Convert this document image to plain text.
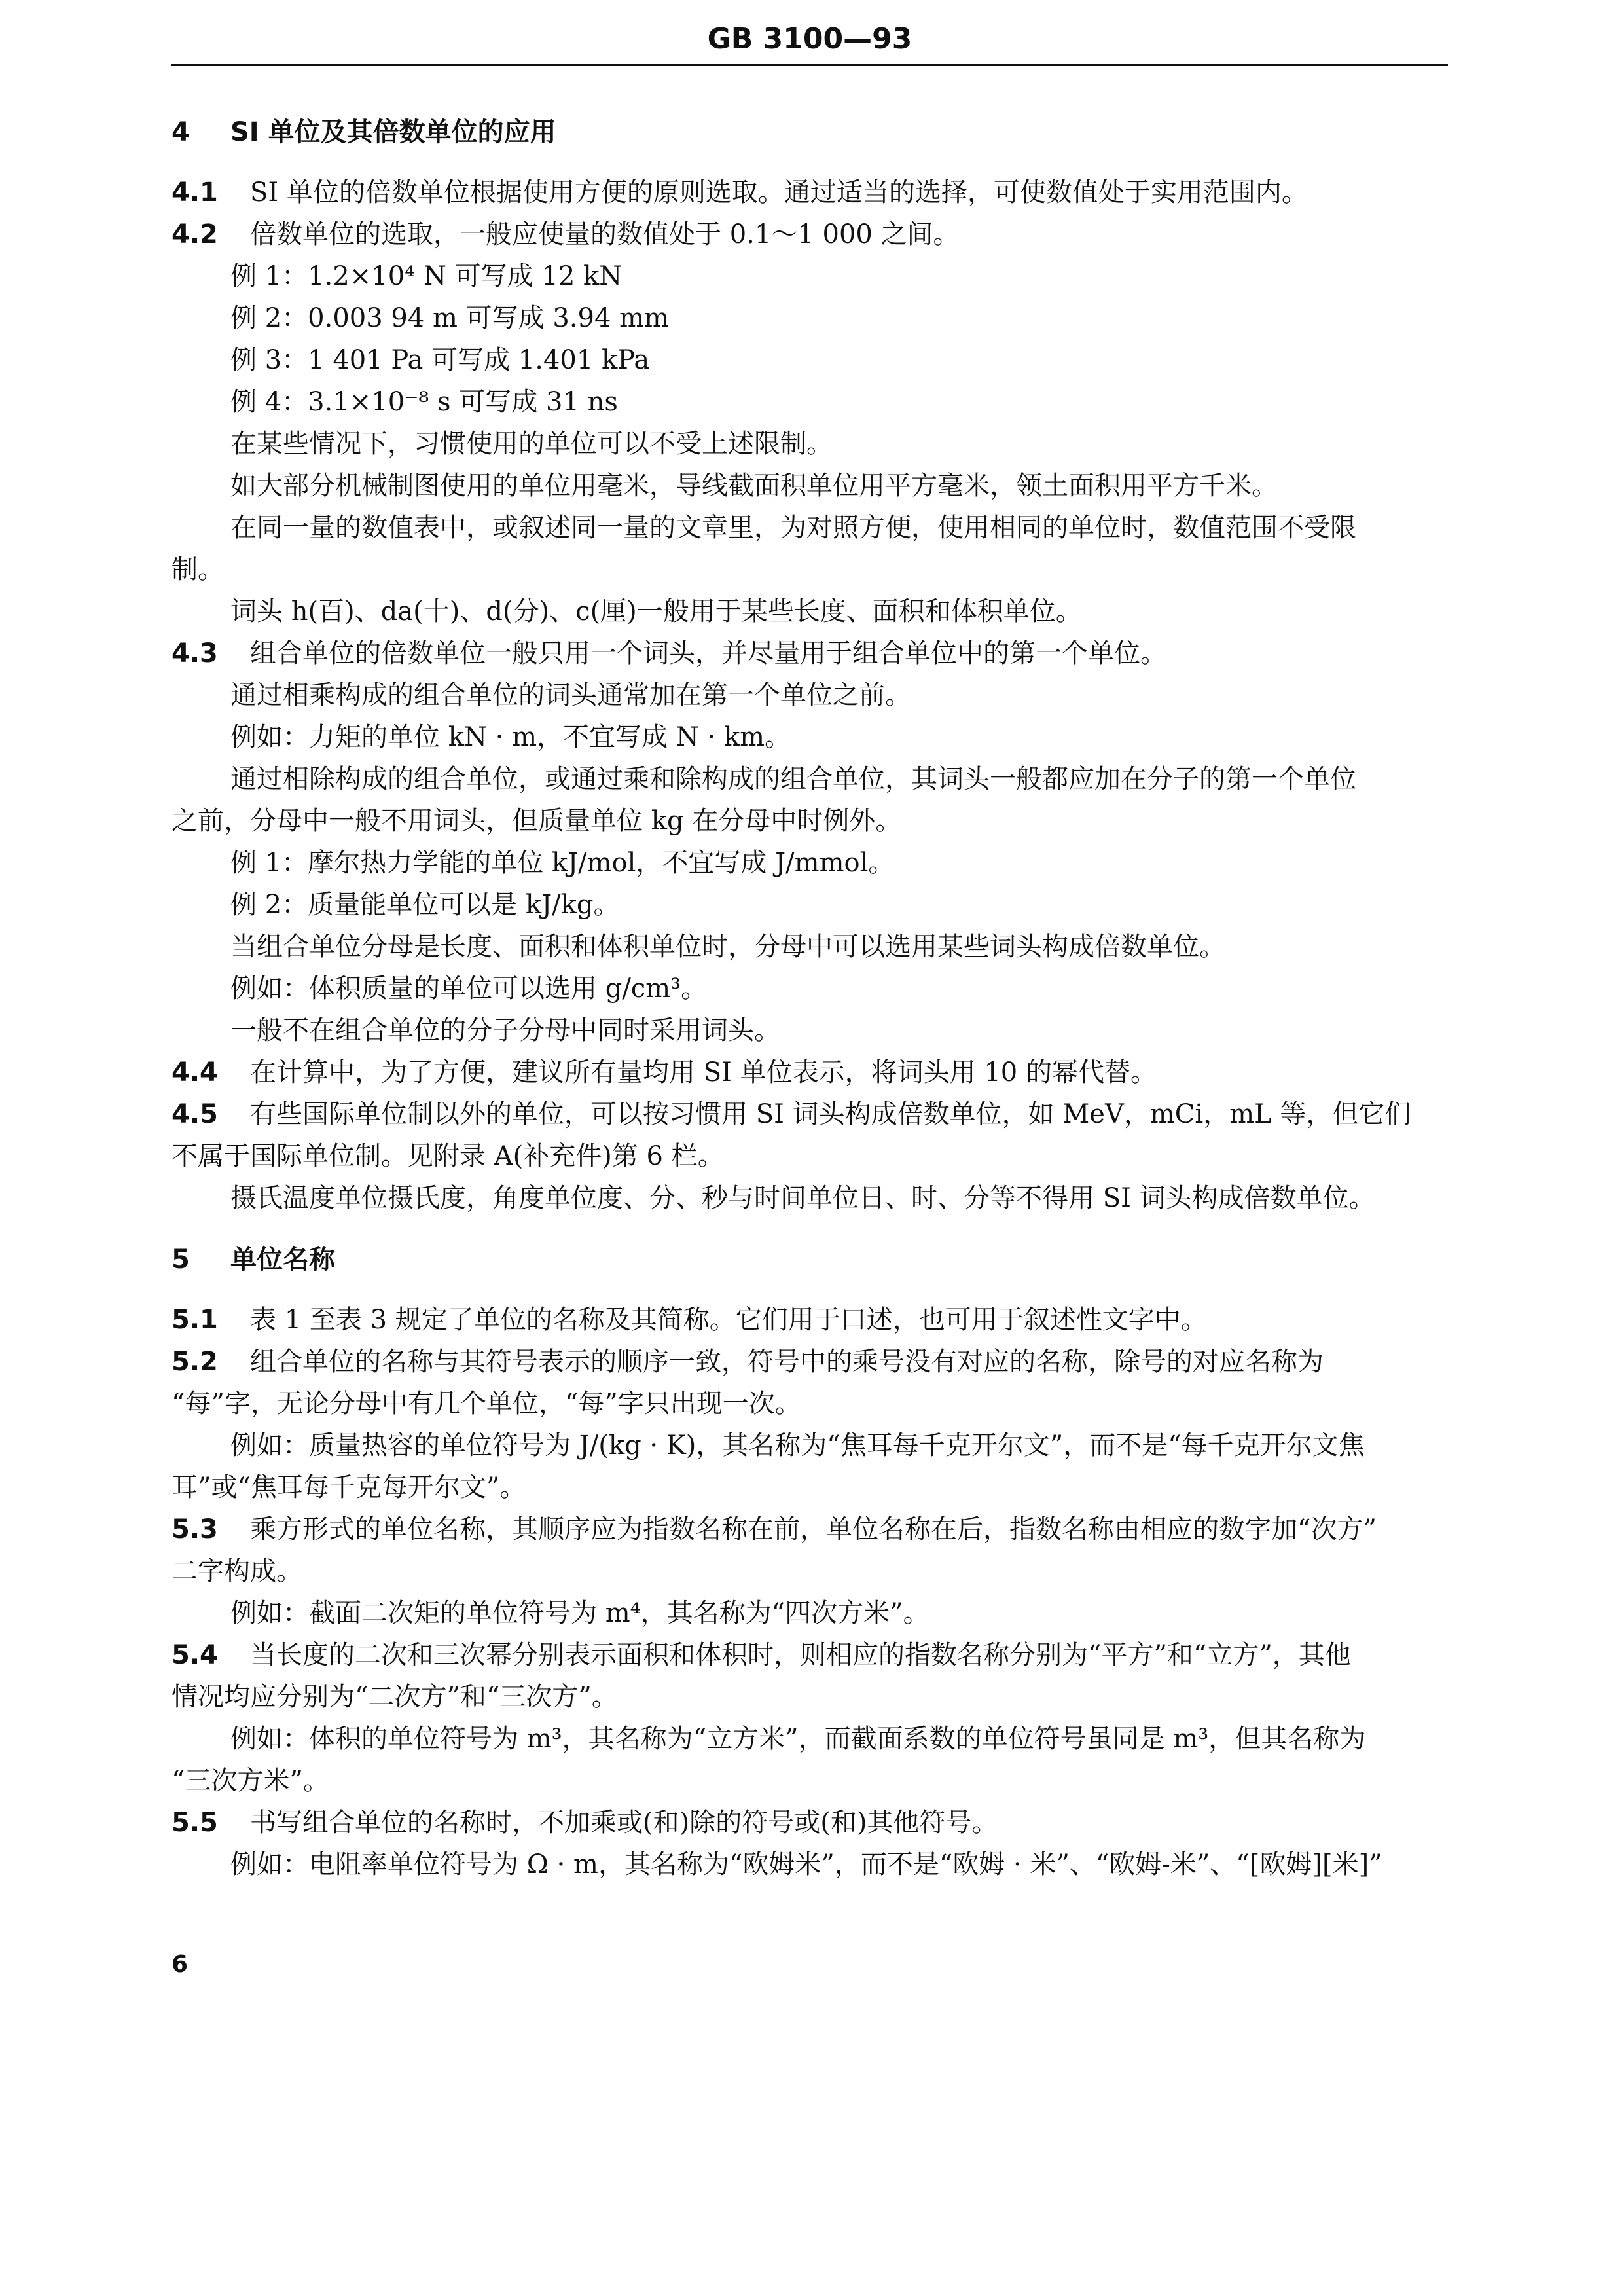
GB 3100—93
4 SI 单位及其倍数单位的应用
4.1 SI 单位的倍数单位根据使用方便的原则选取。通过适当的选择，可使数值处于实用范围内。
4.2 倍数单位的选取，一般应使量的数值处于 0.1～1 000 之间。
例 1：1.2×10⁴ N 可写成 12 kN
例 2：0.003 94 m 可写成 3.94 mm
例 3：1 401 Pa 可写成 1.401 kPa
例 4：3.1×10⁻⁸ s 可写成 31 ns
在某些情况下，习惯使用的单位可以不受上述限制。
如大部分机械制图使用的单位用毫米，导线截面积单位用平方毫米，领土面积用平方千米。
在同一量的数值表中，或叙述同一量的文章里，为对照方便，使用相同的单位时，数值范围不受限
制。
词头 h(百)、da(十)、d(分)、c(厘)一般用于某些长度、面积和体积单位。
4.3 组合单位的倍数单位一般只用一个词头，并尽量用于组合单位中的第一个单位。
通过相乘构成的组合单位的词头通常加在第一个单位之前。
例如：力矩的单位 kN · m，不宜写成 N · km。
通过相除构成的组合单位，或通过乘和除构成的组合单位，其词头一般都应加在分子的第一个单位
之前，分母中一般不用词头，但质量单位 kg 在分母中时例外。
例 1：摩尔热力学能的单位 kJ/mol，不宜写成 J/mmol。
例 2：质量能单位可以是 kJ/kg。
当组合单位分母是长度、面积和体积单位时，分母中可以选用某些词头构成倍数单位。
例如：体积质量的单位可以选用 g/cm³。
一般不在组合单位的分子分母中同时采用词头。
4.4 在计算中，为了方便，建议所有量均用 SI 单位表示，将词头用 10 的幂代替。
4.5 有些国际单位制以外的单位，可以按习惯用 SI 词头构成倍数单位，如 MeV，mCi，mL 等，但它们
不属于国际单位制。见附录 A(补充件)第 6 栏。
摄氏温度单位摄氏度，角度单位度、分、秒与时间单位日、时、分等不得用 SI 词头构成倍数单位。
5 单位名称
5.1 表 1 至表 3 规定了单位的名称及其简称。它们用于口述，也可用于叙述性文字中。
5.2 组合单位的名称与其符号表示的顺序一致，符号中的乘号没有对应的名称，除号的对应名称为
“每”字，无论分母中有几个单位，“每”字只出现一次。
例如：质量热容的单位符号为 J/(kg · K)，其名称为“焦耳每千克开尔文”，而不是“每千克开尔文焦
耳”或“焦耳每千克每开尔文”。
5.3 乘方形式的单位名称，其顺序应为指数名称在前，单位名称在后，指数名称由相应的数字加“次方”
二字构成。
例如：截面二次矩的单位符号为 m⁴，其名称为“四次方米”。
5.4 当长度的二次和三次幂分别表示面积和体积时，则相应的指数名称分别为“平方”和“立方”，其他
情况均应分别为“二次方”和“三次方”。
例如：体积的单位符号为 m³，其名称为“立方米”，而截面系数的单位符号虽同是 m³，但其名称为
“三次方米”。
5.5 书写组合单位的名称时，不加乘或(和)除的符号或(和)其他符号。
例如：电阻率单位符号为 Ω · m，其名称为“欧姆米”，而不是“欧姆 · 米”、“欧姆-米”、“[欧姆][米]”
6
